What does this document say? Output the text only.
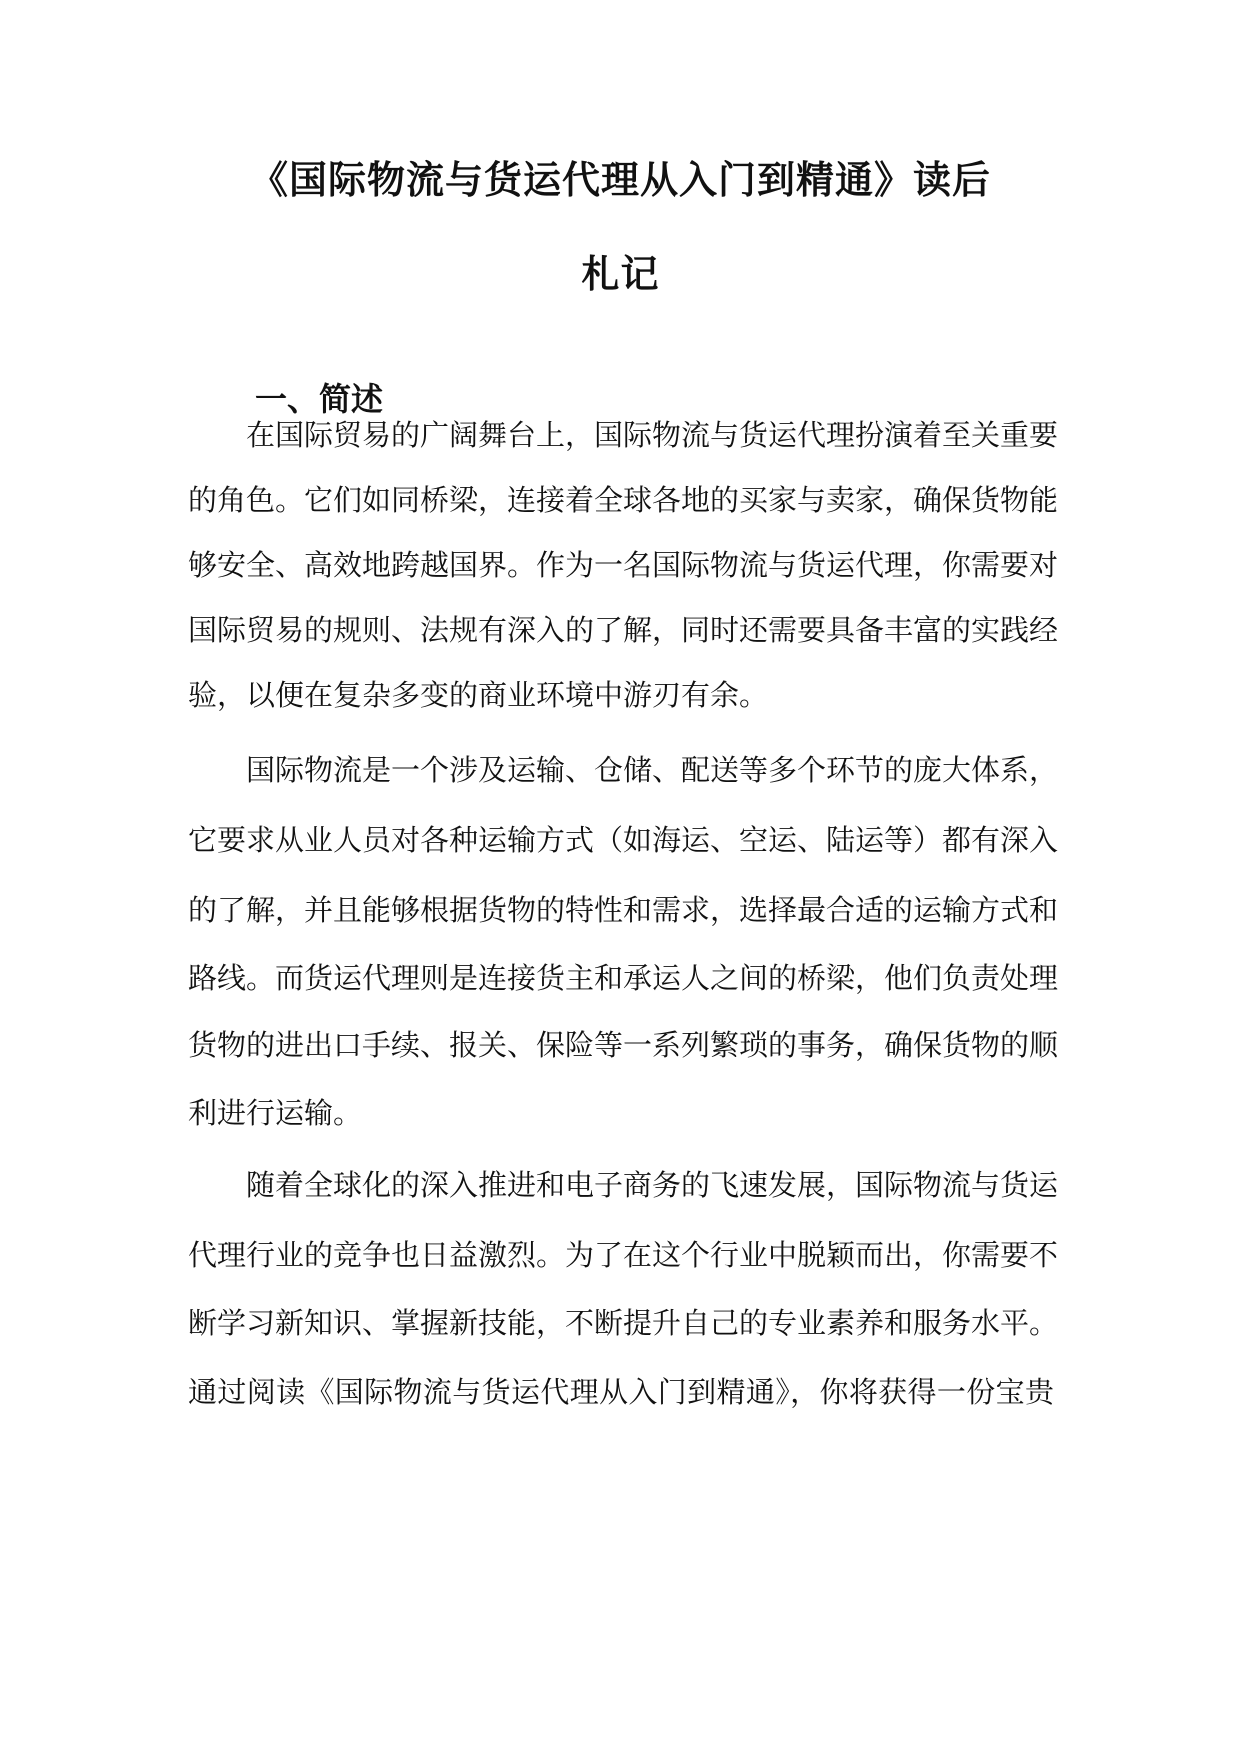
《国际物流与货运代理从入门到精通》读后
札记
一、简述

在国际贸易的广阔舞台上，国际物流与货运代理扮演着至关重要

的角色。它们如同桥梁，连接着全球各地的买家与卖家，确保货物能

够安全、高效地跨越国界。作为一名国际物流与货运代理，你需要对

国际贸易的规则、法规有深入的了解，同时还需要具备丰富的实践经

验，以便在复杂多变的商业环境中游刃有余。

国际物流是一个涉及运输、仓储、配送等多个环节的庞大体系，

它要求从业人员对各种运输方式（如海运、空运、陆运等）都有深入

的了解，并且能够根据货物的特性和需求，选择最合适的运输方式和

路线。而货运代理则是连接货主和承运人之间的桥梁，他们负责处理

货物的进出口手续、报关、保险等一系列繁琐的事务，确保货物的顺

利进行运输。

随着全球化的深入推进和电子商务的飞速发展，国际物流与货运

代理行业的竞争也日益激烈。为了在这个行业中脱颖而出，你需要不

断学习新知识、掌握新技能，不断提升自己的专业素养和服务水平。

通过阅读《国际物流与货运代理从入门到精通》，你将获得一份宝贵
